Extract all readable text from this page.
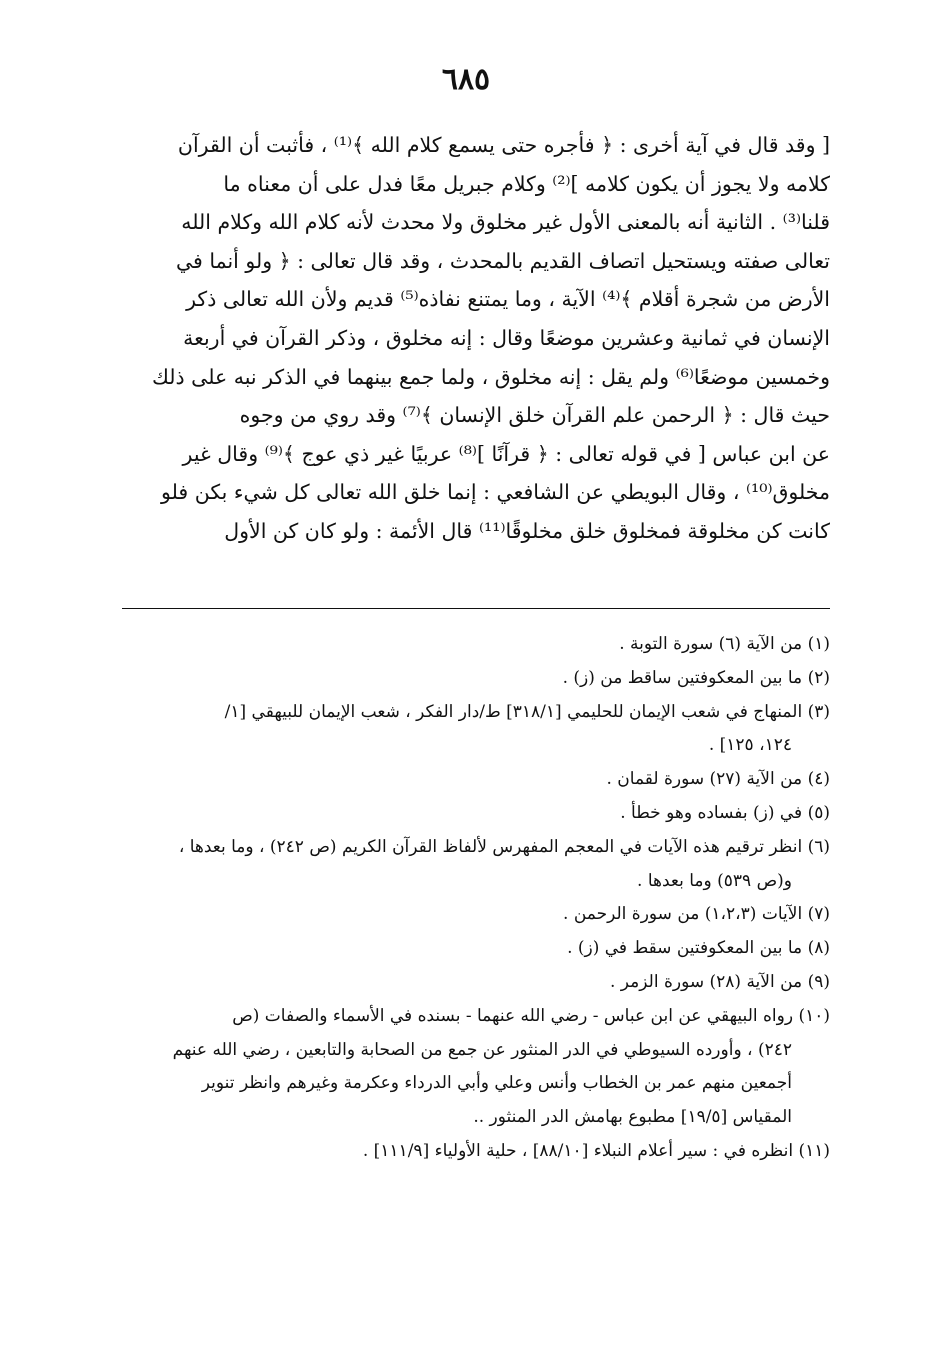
٦٨٥
[ وقد قال في آية أخرى : ﴿ فأجره حتى يسمع كلام الله ﴾⁽¹⁾ ، فأثبت أن القرآن
كلامه ولا يجوز أن يكون كلامه ]⁽²⁾ وكلام جبريل معًا فدل على أن معناه ما
قلنا⁽³⁾ . الثانية أنه بالمعنى الأول غير مخلوق ولا محدث لأنه كلام الله وكلام الله
تعالى صفته ويستحيل اتصاف القديم بالمحدث ، وقد قال تعالى : ﴿ ولو أنما في
الأرض من شجرة أقلام ﴾⁽⁴⁾ الآية ، وما يمتنع نفاذه⁽⁵⁾ قديم ولأن الله تعالى ذكر
الإنسان في ثمانية وعشرين موضعًا وقال : إنه مخلوق ، وذكر القرآن في أربعة
وخمسين موضعًا⁽⁶⁾ ولم يقل : إنه مخلوق ، ولما جمع بينهما في الذكر نبه على ذلك
حيث قال : ﴿ الرحمن علم القرآن خلق الإنسان ﴾⁽⁷⁾ وقد روي من وجوه
عن ابن عباس [ في قوله تعالى : ﴿ قرآنًا ]⁽⁸⁾ عربيًا غير ذي عوج ﴾⁽⁹⁾ وقال غير
مخلوق⁽¹⁰⁾ ، وقال البويطي عن الشافعي : إنما خلق الله تعالى كل شيء بكن فلو
كانت كن مخلوقة فمخلوق خلق مخلوقًا⁽¹¹⁾ قال الأئمة : ولو كان كن الأول
(١) من الآية (٦) سورة التوبة .
(٢) ما بين المعكوفتين ساقط من (ز) .
(٣) المنهاج في شعب الإيمان للحليمي [٣١٨/١] ط/دار الفكر ، شعب الإيمان للبيهقي [١/
١٢٤، ١٢٥] .
(٤) من الآية (٢٧) سورة لقمان .
(٥) في (ز) بفساده وهو خطأ .
(٦) انظر ترقيم هذه الآيات في المعجم المفهرس لألفاظ القرآن الكريم (ص ٢٤٢) ، وما بعدها ،
و(ص ٥٣٩) وما بعدها .
(٧) الآيات (١،٢،٣) من سورة الرحمن .
(٨) ما بين المعكوفتين سقط في (ز) .
(٩) من الآية (٢٨) سورة الزمر .
(١٠) رواه البيهقي عن ابن عباس - رضي الله عنهما - بسنده في الأسماء والصفات (ص
٢٤٢) ، وأورده السيوطي في الدر المنثور عن جمع من الصحابة والتابعين ، رضي الله عنهم
أجمعين منهم عمر بن الخطاب وأنس وعلي وأبي الدرداء وعكرمة وغيرهم وانظر تنوير
المقياس [١٩/٥] مطبوع بهامش الدر المنثور ..
(١١) انظره في : سير أعلام النبلاء [٨٨/١٠] ، حلية الأولياء [١١١/٩] .
